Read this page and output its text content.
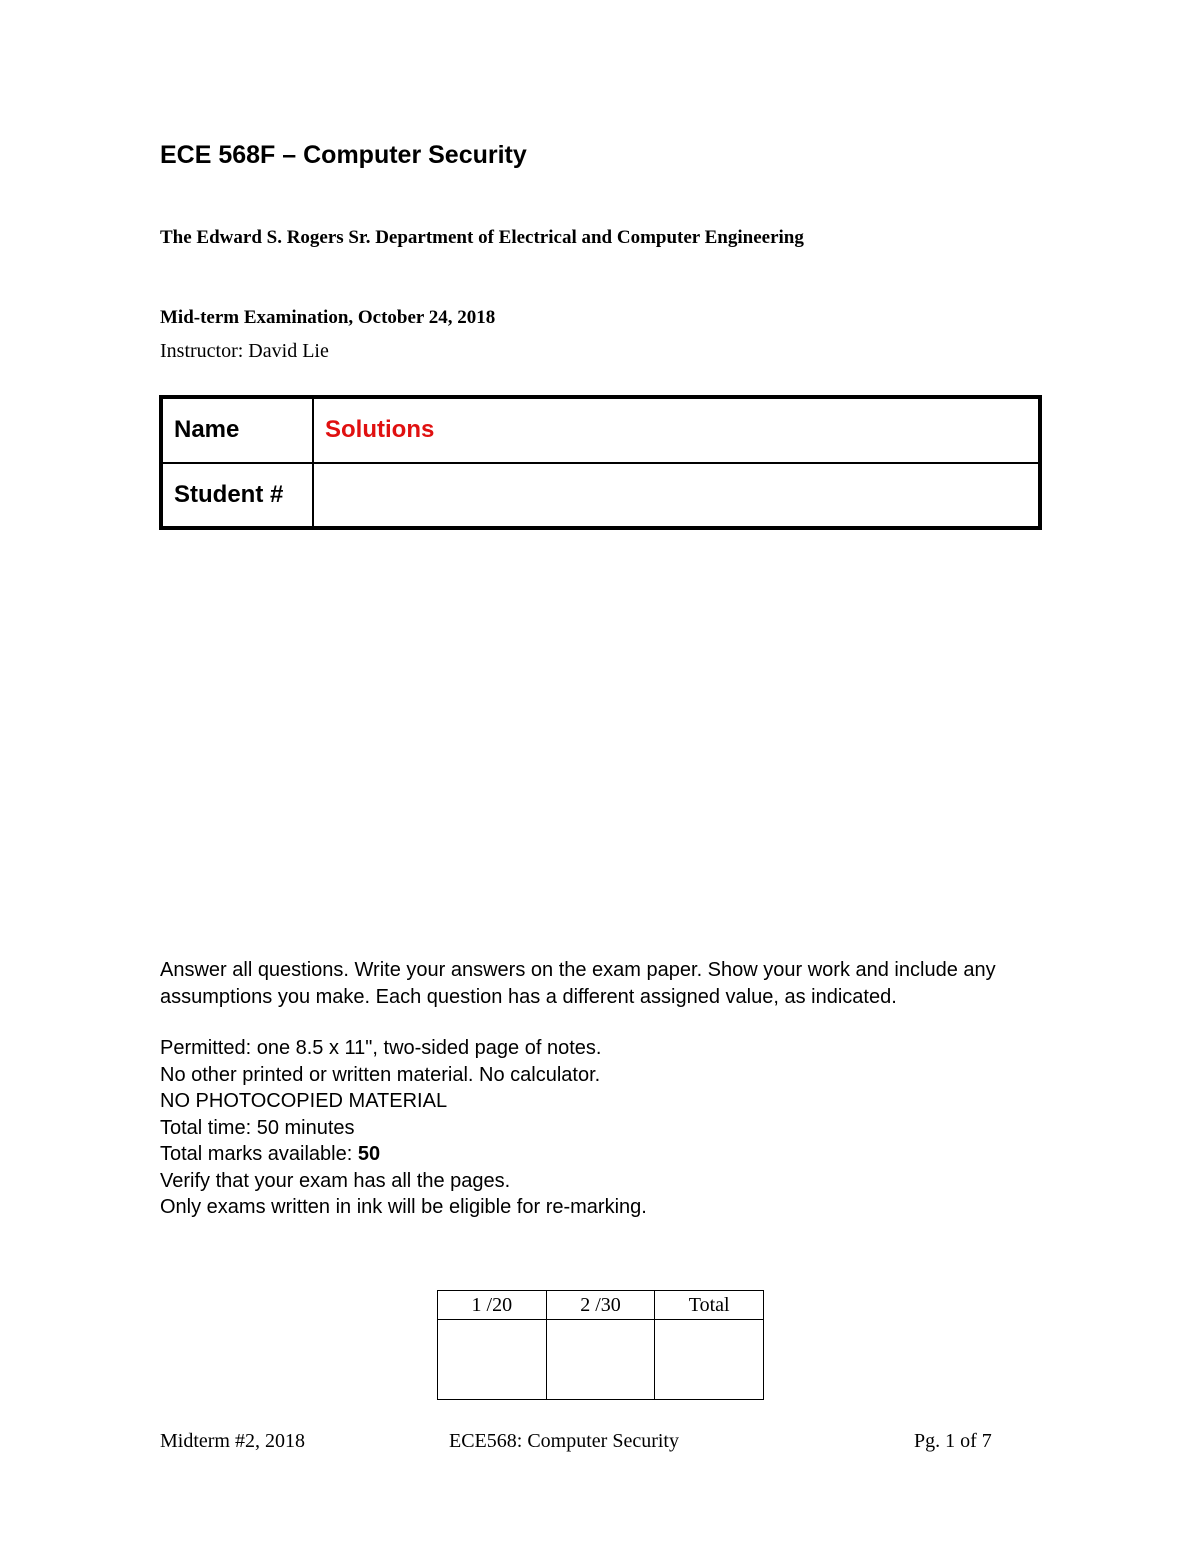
ECE 568F – Computer Security
The Edward S. Rogers Sr. Department of Electrical and Computer Engineering
Mid-term Examination, October 24, 2018
Instructor: David Lie
Name	Solutions
Student #	

Answer all questions. Write your answers on the exam paper. Show your work and include any assumptions you make. Each question has a different assigned value, as indicated.

Permitted: one 8.5 x 11", two-sided page of notes.

No other printed or written material. No calculator.

NO PHOTOCOPIED MATERIAL

Total time: 50 minutes

Total marks available: 50

Verify that your exam has all the pages.

Only exams written in ink will be eligible for re-marking.

1 /20	2 /30	Total

Midterm #2, 2018	ECE568: Computer Security	Pg. 1 of 7
